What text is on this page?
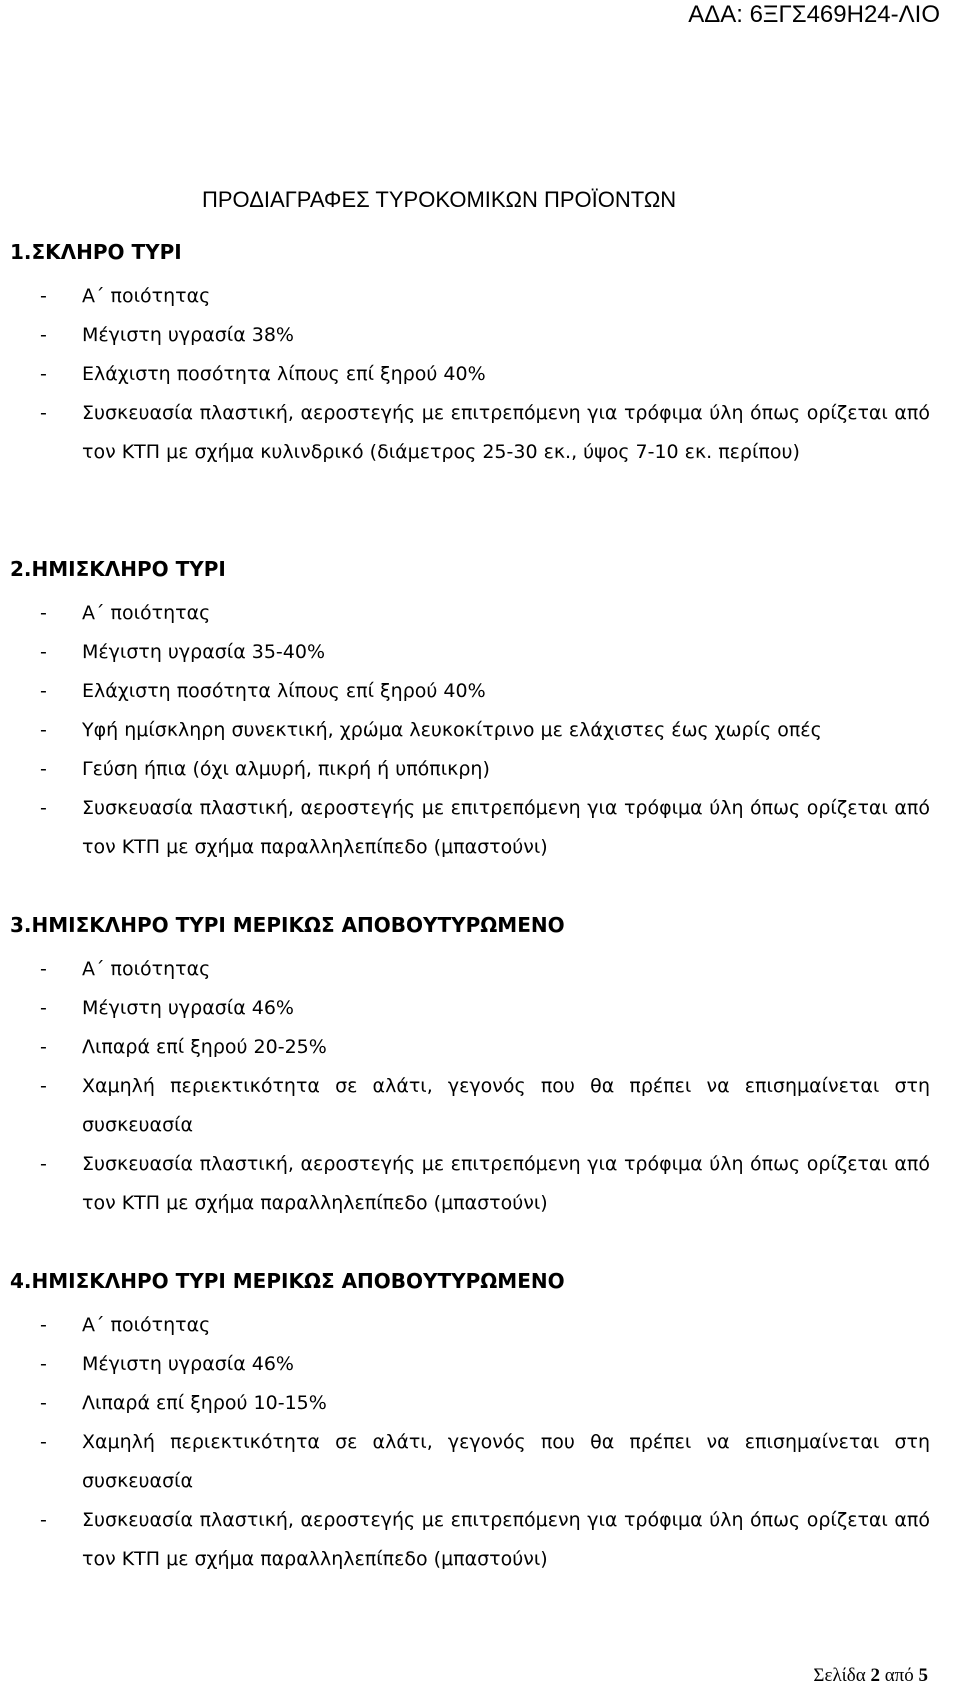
ΑΔΑ: 6ΞΓΣ469Η24-ΛΙΟ
ΠΡΟΔΙΑΓΡΑΦΕΣ ΤΥΡΟΚΟΜΙΚΩΝ ΠΡΟΪΟΝΤΩΝ
1.ΣΚΛΗΡΟ ΤΥΡΙ
-	Α΄ ποιότητας
-	Μέγιστη υγρασία 38%
-	Ελάχιστη ποσότητα λίπους επί ξηρού 40%
-	Συσκευασία πλαστική, αεροστεγής με επιτρεπόμενη για τρόφιμα ύλη όπως ορίζεται από τον ΚΤΠ με σχήμα κυλινδρικό (διάμετρος 25-30 εκ., ύψος 7-10 εκ. περίπου)
2.ΗΜΙΣΚΛΗΡΟ ΤΥΡΙ
-	Α΄ ποιότητας
-	Μέγιστη υγρασία 35-40%
-	Ελάχιστη ποσότητα λίπους επί ξηρού 40%
-	Υφή ημίσκληρη συνεκτική, χρώμα λευκοκίτρινο με ελάχιστες έως χωρίς οπές
-	Γεύση ήπια (όχι αλμυρή, πικρή ή υπόπικρη)
-	Συσκευασία πλαστική, αεροστεγής με επιτρεπόμενη για τρόφιμα ύλη όπως ορίζεται από τον ΚΤΠ με σχήμα παραλληλεπίπεδο (μπαστούνι)
3.ΗΜΙΣΚΛΗΡΟ ΤΥΡΙ ΜΕΡΙΚΩΣ ΑΠΟΒΟΥΤΥΡΩΜΕΝΟ
-	Α΄ ποιότητας
-	Μέγιστη υγρασία 46%
-	Λιπαρά επί ξηρού 20-25%
-	Χαμηλή περιεκτικότητα σε αλάτι, γεγονός που θα πρέπει να επισημαίνεται στη συσκευασία
-	Συσκευασία πλαστική, αεροστεγής με επιτρεπόμενη για τρόφιμα ύλη όπως ορίζεται από τον ΚΤΠ με σχήμα παραλληλεπίπεδο (μπαστούνι)
4.ΗΜΙΣΚΛΗΡΟ ΤΥΡΙ ΜΕΡΙΚΩΣ ΑΠΟΒΟΥΤΥΡΩΜΕΝΟ
-	Α΄ ποιότητας
-	Μέγιστη υγρασία 46%
-	Λιπαρά επί ξηρού 10-15%
-	Χαμηλή περιεκτικότητα σε αλάτι, γεγονός που θα πρέπει να επισημαίνεται στη συσκευασία
-	Συσκευασία πλαστική, αεροστεγής με επιτρεπόμενη για τρόφιμα ύλη όπως ορίζεται από τον ΚΤΠ με σχήμα παραλληλεπίπεδο (μπαστούνι)
Σελίδα 2 από 5
